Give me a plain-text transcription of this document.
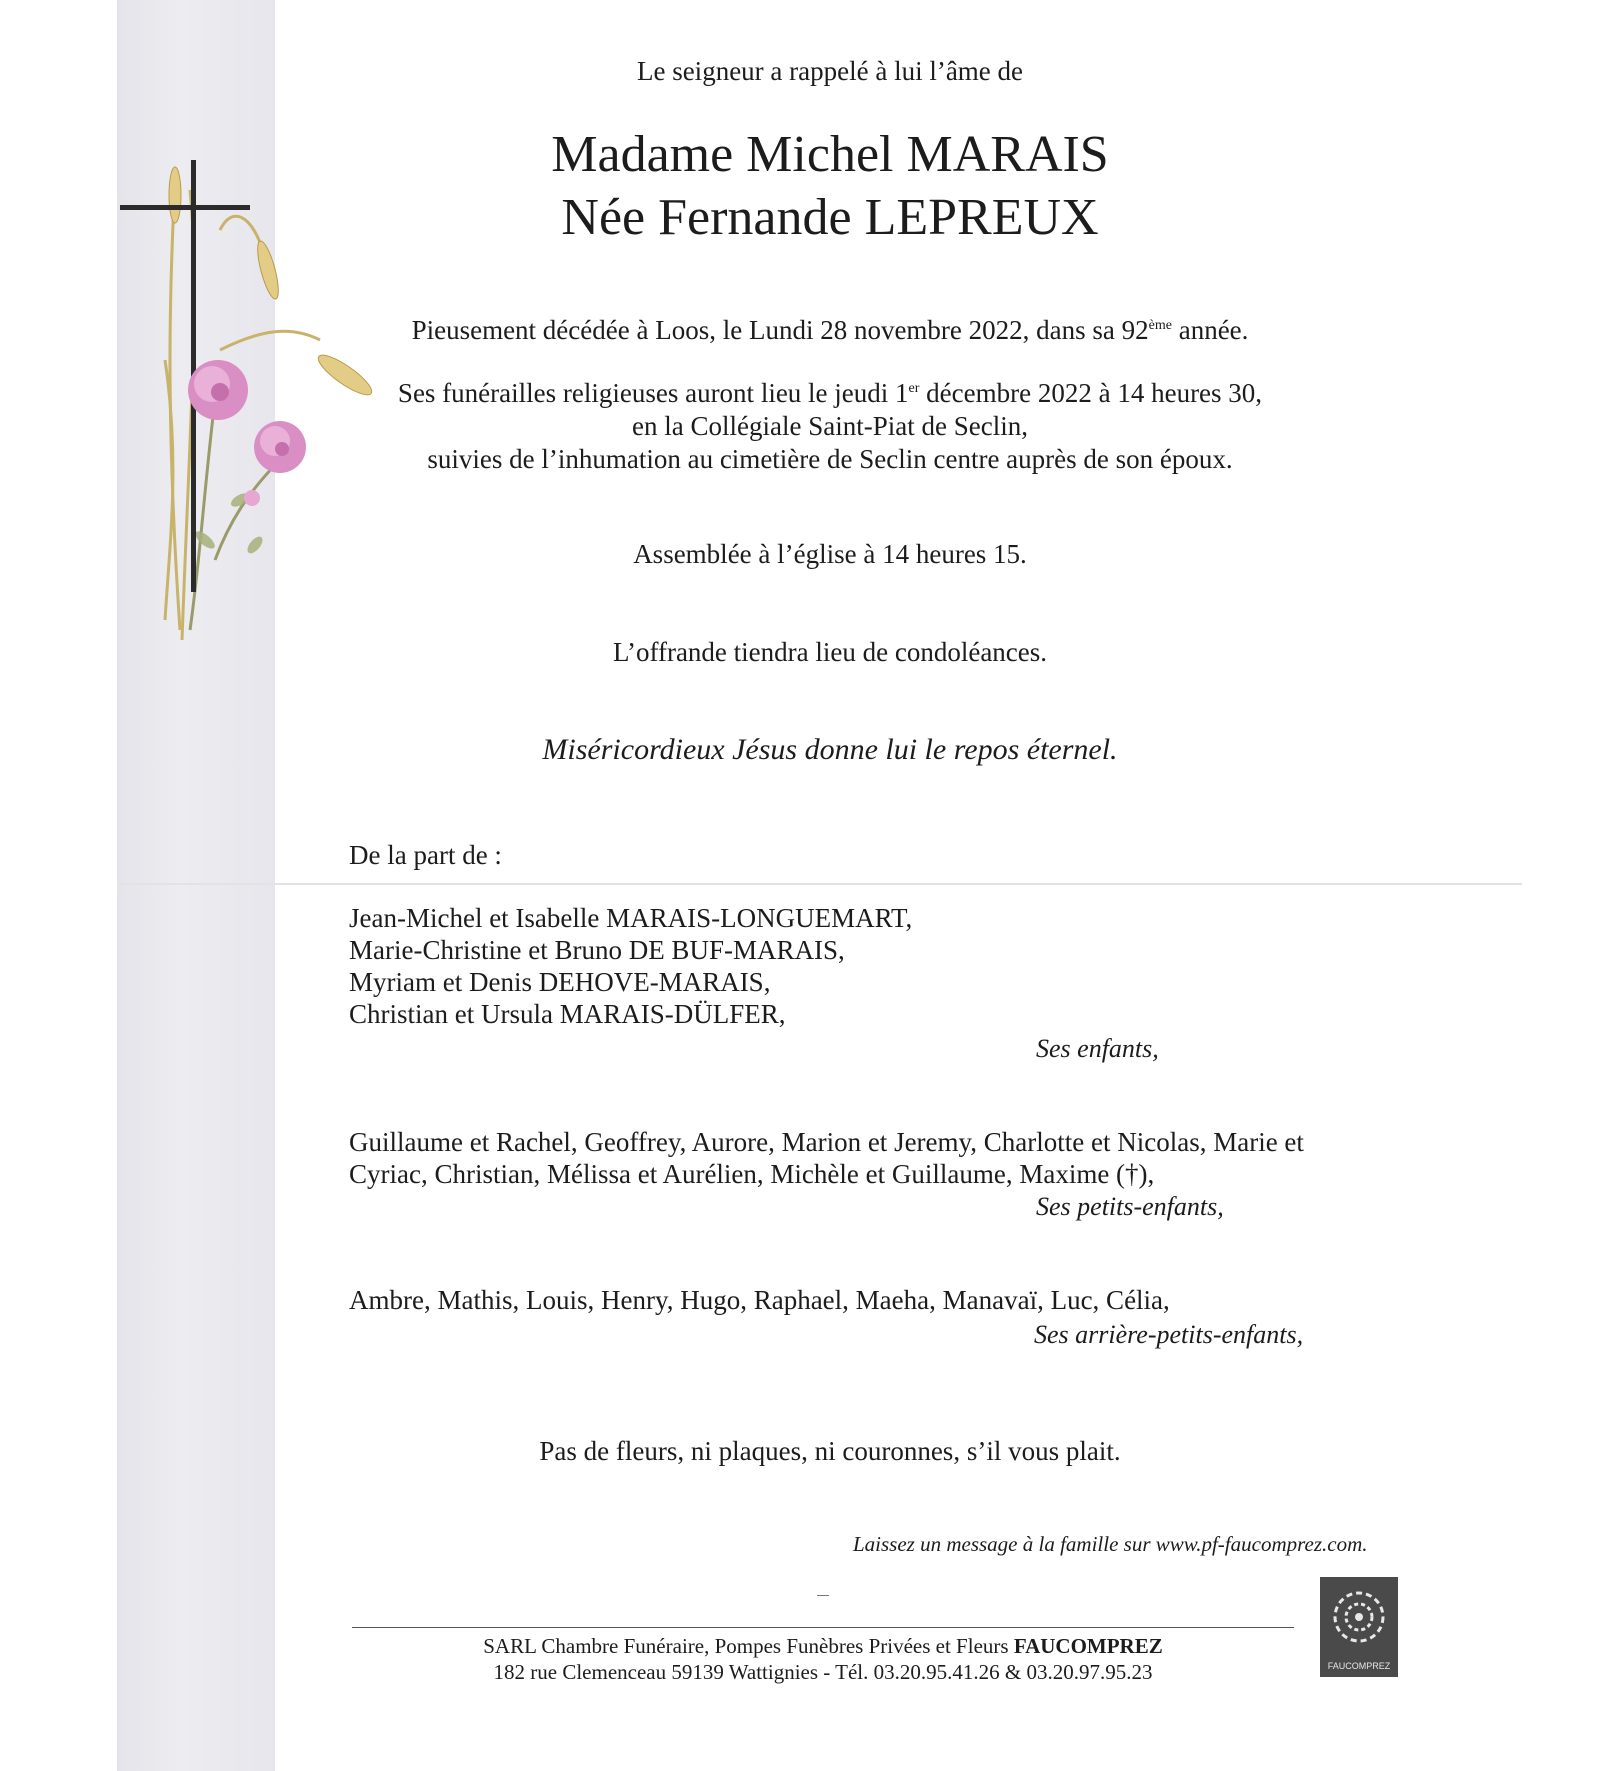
Le seigneur a rappelé à lui l’âme de
Madame Michel MARAIS
Née Fernande LEPREUX
Pieusement décédée à Loos, le Lundi 28 novembre 2022, dans sa 92ème année.
Ses funérailles religieuses auront lieu le jeudi 1er décembre 2022 à 14 heures 30,
en la Collégiale Saint-Piat de Seclin,
suivies de l’inhumation au cimetière de Seclin centre auprès de son époux.
Assemblée à l’église à 14 heures 15.
L’offrande tiendra lieu de condoléances.
Miséricordieux Jésus donne lui le repos éternel.
De la part de :
Jean-Michel et Isabelle MARAIS-LONGUEMART,
Marie-Christine et Bruno DE BUF-MARAIS,
Myriam et Denis DEHOVE-MARAIS,
Christian et Ursula MARAIS-DÜLFER,
Ses enfants,
Guillaume et Rachel, Geoffrey, Aurore, Marion et Jeremy, Charlotte et Nicolas, Marie et
Cyriac, Christian, Mélissa et Aurélien, Michèle et Guillaume, Maxime (†),
Ses petits-enfants,
Ambre, Mathis, Louis, Henry, Hugo, Raphael, Maeha, Manavaï, Luc, Célia,
Ses arrière-petits-enfants,
Pas de fleurs, ni plaques, ni couronnes, s’il vous plait.
Laissez un message à la famille sur www.pf-faucomprez.com.
SARL Chambre Funéraire, Pompes Funèbres Privées et Fleurs FAUCOMPREZ
182 rue Clemenceau 59139 Wattignies - Tél. 03.20.95.41.26 & 03.20.97.95.23	FAUCOMPREZ
